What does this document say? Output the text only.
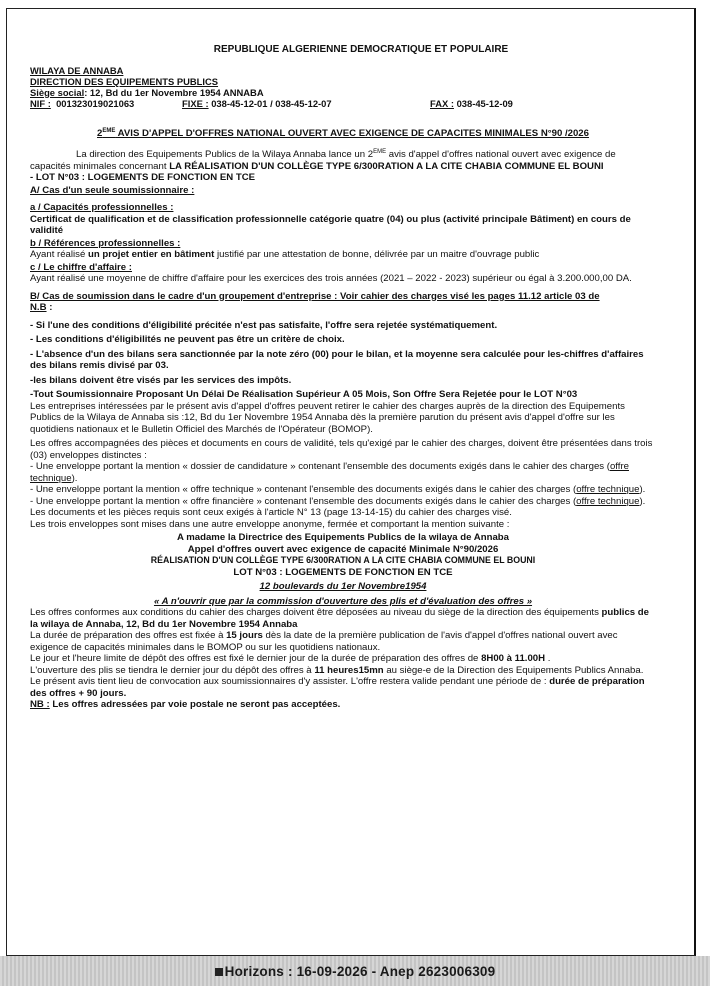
REPUBLIQUE ALGERIENNE DEMOCRATIQUE ET POPULAIRE
WILAYA DE ANNABA
DIRECTION DES EQUIPEMENTS PUBLICS
Siège social : 12, Bd du 1er Novembre 1954 ANNABA
NIF : 001323019021063	FIXE : 038-45-12-01 / 038-45-12-07	FAX : 038-45-12-09
2EME AVIS D'APPEL D'OFFRES NATIONAL OUVERT AVEC EXIGENCE DE CAPACITES MINIMALES N°90 /2026

La direction des Equipements Publics de la Wilaya Annaba lance un 2EME avis d'appel d'offres national ouvert avec exigence de

capacités minimales concernant LA RÉALISATION D'UN COLLÈGE TYPE 6/300RATION A LA CITE CHABIA COMMUNE EL BOUNI

- LOT N°03 : LOGEMENTS DE FONCTION EN TCE

A/ Cas d'un seule soumissionnaire :

a / Capacités professionnelles :

Certificat de qualification et de classification professionnelle catégorie quatre (04) ou plus (activité principale Bâtiment) en cours de validité

b / Références professionnelles :

Ayant réalisé un projet entier en bâtiment justifié par une attestation de bonne, délivrée par un maitre d'ouvrage public

c / Le chiffre d'affaire :

Ayant réalisé une moyenne de chiffre d'affaire pour les exercices des trois années (2021 – 2022 - 2023) supérieur ou égal à 3.200.000,00 DA.

B/ Cas de soumission dans le cadre d'un groupement d'entreprise : Voir cahier des charges visé les pages 11.12 article 03 de

N.B :

- Si l'une des conditions d'éligibilité précitée n'est pas satisfaite, l'offre sera rejetée systématiquement.

- Les conditions d'éligibilités ne peuvent pas être un critère de choix.

- L'absence d'un des bilans sera sanctionnée par la note zéro (00) pour le bilan, et la moyenne sera calculée pour les-chiffres d'affaires des bilans remis divisé par 03.

-les bilans doivent être visés par les services des impôts.

-Tout Soumissionnaire Proposant Un Délai De Réalisation Supérieur A 05 Mois, Son Offre Sera Rejetée pour le LOT N°03

Les entreprises intéressées par le présent avis d'appel d'offres peuvent retirer le cahier des charges auprès de la direction des Equipements Publics de la Wilaya de Annaba sis :12, Bd du 1er Novembre 1954 Annaba dès la première parution du présent avis d'appel d'offre sur les quotidiens nationaux et le Bulletin Officiel des Marchés de l'Opérateur (BOMOP).

Les offres accompagnées des pièces et documents en cours de validité, tels qu'exigé par le cahier des charges, doivent être présentées dans trois (03) enveloppes distinctes :

- Une enveloppe portant la mention « dossier de candidature » contenant l'ensemble des documents exigés dans le cahier des charges (offre technique).

- Une enveloppe portant la mention « offre technique » contenant l'ensemble des documents exigés dans le cahier des charges (offre technique).

- Une enveloppe portant la mention « offre financière » contenant l'ensemble des documents exigés dans le cahier des charges (offre technique).

Les documents et les pièces requis sont ceux exigés à l'article N° 13 (page 13-14-15) du cahier des charges visé.

Les trois enveloppes sont mises dans une autre enveloppe anonyme, fermée et comportant la mention suivante :

A madame la Directrice des Equipements Publics de la wilaya de Annaba

Appel d'offres ouvert avec exigence de capacité Minimale N°90/2026

RÉALISATION D'UN COLLÈGE TYPE 6/300RATION A LA CITE CHABIA COMMUNE EL BOUNI

LOT N°03 : LOGEMENTS DE FONCTION EN TCE

12 boulevards du 1er Novembre1954

« A n'ouvrir que par la commission d'ouverture des plis et d'évaluation des offres »

Les offres conformes aux conditions du cahier des charges doivent être déposées au niveau du siège de la direction des équipements publics de la wilaya de Annaba, 12, Bd du 1er Novembre 1954 Annaba

La durée de préparation des offres est fixée à 15 jours dès la date de la première publication de l'avis d'appel d'offres national ouvert avec exigence de capacités minimales dans le BOMOP ou sur les quotidiens nationaux.

Le jour et l'heure limite de dépôt des offres est fixé le dernier jour de la durée de préparation des offres de 8H00 à 11.00H .

L'ouverture des plis se tiendra le dernier jour du dépôt des offres à 11 heures15mn au siège-e de la Direction des Equipements Publics Annaba.

Le présent avis tient lieu de convocation aux soumissionnaires d'y assister. L'offre restera valide pendant une période de : durée de préparation des offres + 90 jours.

NB : Les offres adressées par voie postale ne seront pas acceptées.

Horizons : 16-09-2026 - Anep 2623006309
